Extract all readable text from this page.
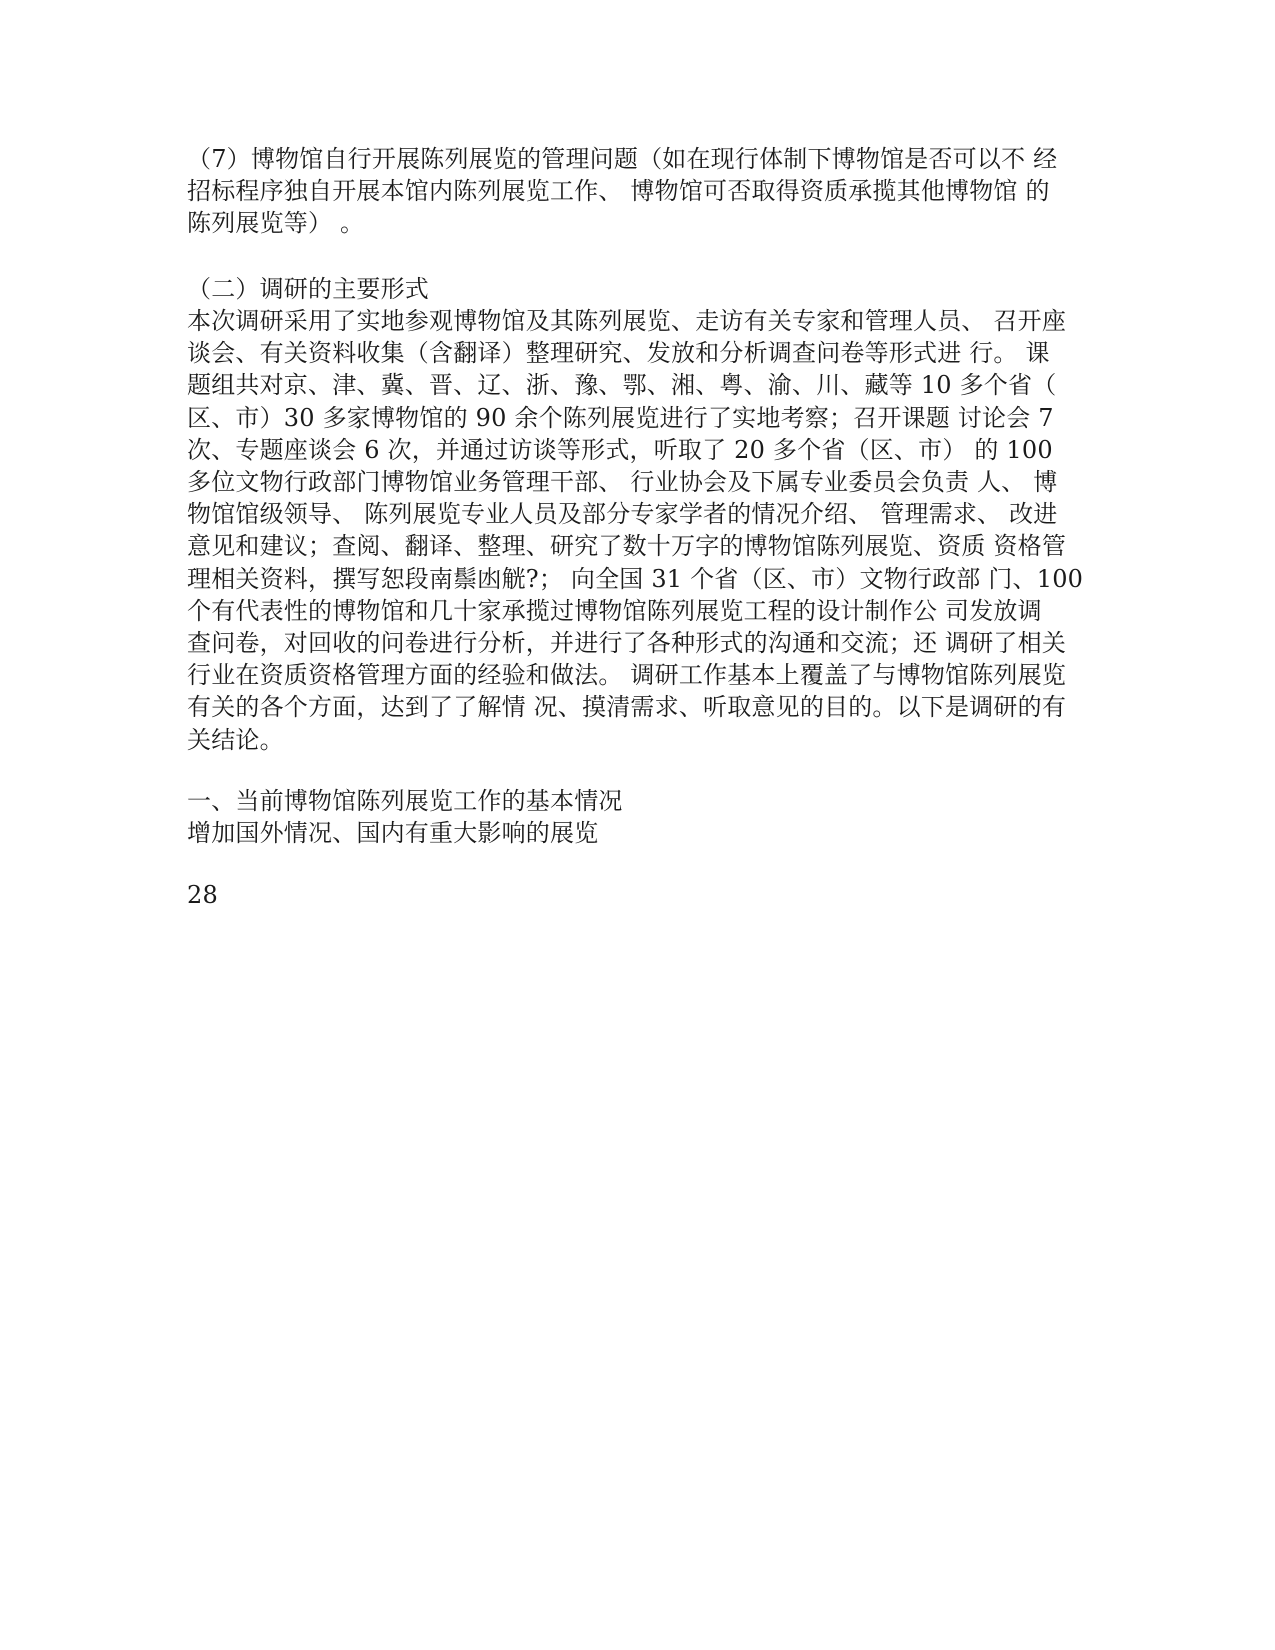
（7）博物馆自行开展陈列展览的管理问题（如在现行体制下博物馆是否可以不 经
招标程序独自开展本馆内陈列展览工作、 博物馆可否取得资质承揽其他博物馆 的
陈列展览等） 。
（二）调研的主要形式
本次调研采用了实地参观博物馆及其陈列展览、走访有关专家和管理人员、 召开座
谈会、有关资料收集（含翻译）整理研究、发放和分析调查问卷等形式进 行。 课
题组共对京、津、冀、晋、辽、浙、豫、鄂、湘、粤、渝、川、藏等 10 多个省（
区、市）30 多家博物馆的 90 余个陈列展览进行了实地考察；召开课题 讨论会 7
次、专题座谈会 6 次，并通过访谈等形式，听取了 20 多个省（区、市） 的 100
多位文物行政部门博物馆业务管理干部、 行业协会及下属专业委员会负责 人、 博
物馆馆级领导、 陈列展览专业人员及部分专家学者的情况介绍、 管理需求、 改进
意见和建议；查阅、翻译、整理、研究了数十万字的博物馆陈列展览、资质 资格管
理相关资料，撰写恕段南鬃凼觥?； 向全国 31 个省（区、市）文物行政部 门、100
个有代表性的博物馆和几十家承揽过博物馆陈列展览工程的设计制作公 司发放调
查问卷，对回收的问卷进行分析，并进行了各种形式的沟通和交流；还 调研了相关
行业在资质资格管理方面的经验和做法。 调研工作基本上覆盖了与博物馆陈列展览
有关的各个方面，达到了了解情 况、摸清需求、听取意见的目的。以下是调研的有
关结论。
一、当前博物馆陈列展览工作的基本情况
增加国外情况、国内有重大影响的展览
28
